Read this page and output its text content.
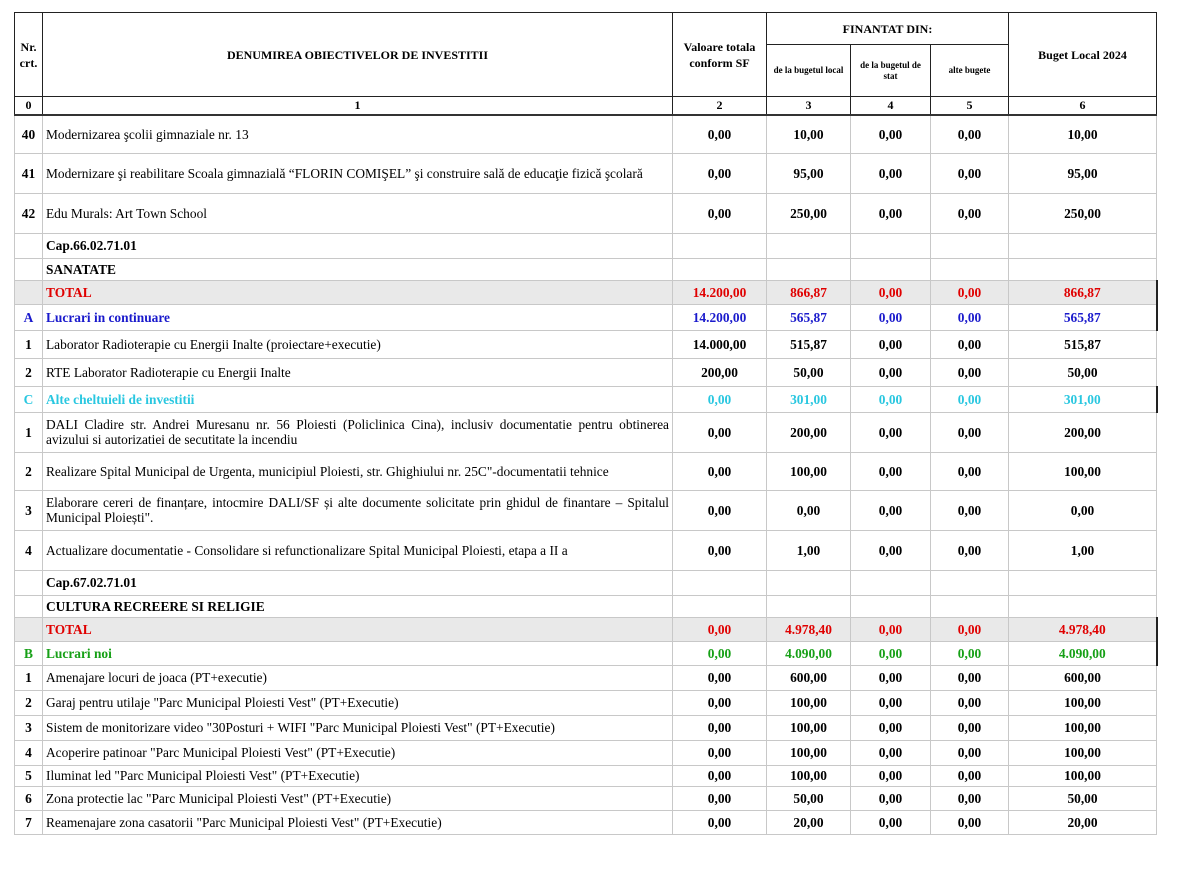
Nr. crt.	DENUMIREA OBIECTIVELOR DE INVESTITII	Valoare totala conform SF	FINANTAT DIN:			Buget Local 2024
			de la bugetul local	de la bugetul de stat	alte bugete	
0	1	2	3	4	5	6
40	Modernizarea şcolii gimnaziale nr. 13	0,00	10,00	0,00	0,00	10,00
41	Modernizare şi reabilitare Scoala gimnazială “FLORIN COMIŞEL” şi construire sală de educaţie fizică şcolară	0,00	95,00	0,00	0,00	95,00
42	Edu Murals: Art Town School	0,00	250,00	0,00	0,00	250,00
	Cap.66.02.71.01					
	SANATATE					
	TOTAL	14.200,00	866,87	0,00	0,00	866,87
A	Lucrari in continuare	14.200,00	565,87	0,00	0,00	565,87
1	Laborator Radioterapie cu Energii Inalte (proiectare+executie)	14.000,00	515,87	0,00	0,00	515,87
2	RTE Laborator Radioterapie cu Energii Inalte	200,00	50,00	0,00	0,00	50,00
C	Alte cheltuieli de investitii	0,00	301,00	0,00	0,00	301,00
1	DALI Cladire str. Andrei Muresanu nr. 56 Ploiesti (Policlinica Cina), inclusiv documentatie pentru obtinerea avizului si autorizatiei de secutitate la incendiu	0,00	200,00	0,00	0,00	200,00
2	Realizare Spital Municipal de Urgenta, municipiul Ploiesti, str. Ghighiului nr. 25C"-documentatii tehnice	0,00	100,00	0,00	0,00	100,00
3	Elaborare cereri de finanțare, intocmire DALI/SF și alte documente solicitate prin ghidul de finantare – Spitalul Municipal Ploiești".	0,00	0,00	0,00	0,00	0,00
4	Actualizare documentatie - Consolidare si refunctionalizare Spital Municipal Ploiesti, etapa a II a	0,00	1,00	0,00	0,00	1,00
	Cap.67.02.71.01					
	CULTURA RECREERE SI RELIGIE					
	TOTAL	0,00	4.978,40	0,00	0,00	4.978,40
B	Lucrari noi	0,00	4.090,00	0,00	0,00	4.090,00
1	Amenajare locuri de joaca (PT+executie)	0,00	600,00	0,00	0,00	600,00
2	Garaj pentru utilaje "Parc Municipal Ploiesti Vest" (PT+Executie)	0,00	100,00	0,00	0,00	100,00
3	Sistem de monitorizare video "30Posturi + WIFI "Parc Municipal Ploiesti Vest" (PT+Executie)	0,00	100,00	0,00	0,00	100,00
4	Acoperire patinoar "Parc Municipal Ploiesti Vest" (PT+Executie)	0,00	100,00	0,00	0,00	100,00
5	Iluminat led "Parc Municipal Ploiesti Vest" (PT+Executie)	0,00	100,00	0,00	0,00	100,00
6	Zona protectie lac "Parc Municipal Ploiesti Vest" (PT+Executie)	0,00	50,00	0,00	0,00	50,00
7	Reamenajare zona casatorii "Parc Municipal Ploiesti Vest" (PT+Executie)	0,00	20,00	0,00	0,00	20,00
